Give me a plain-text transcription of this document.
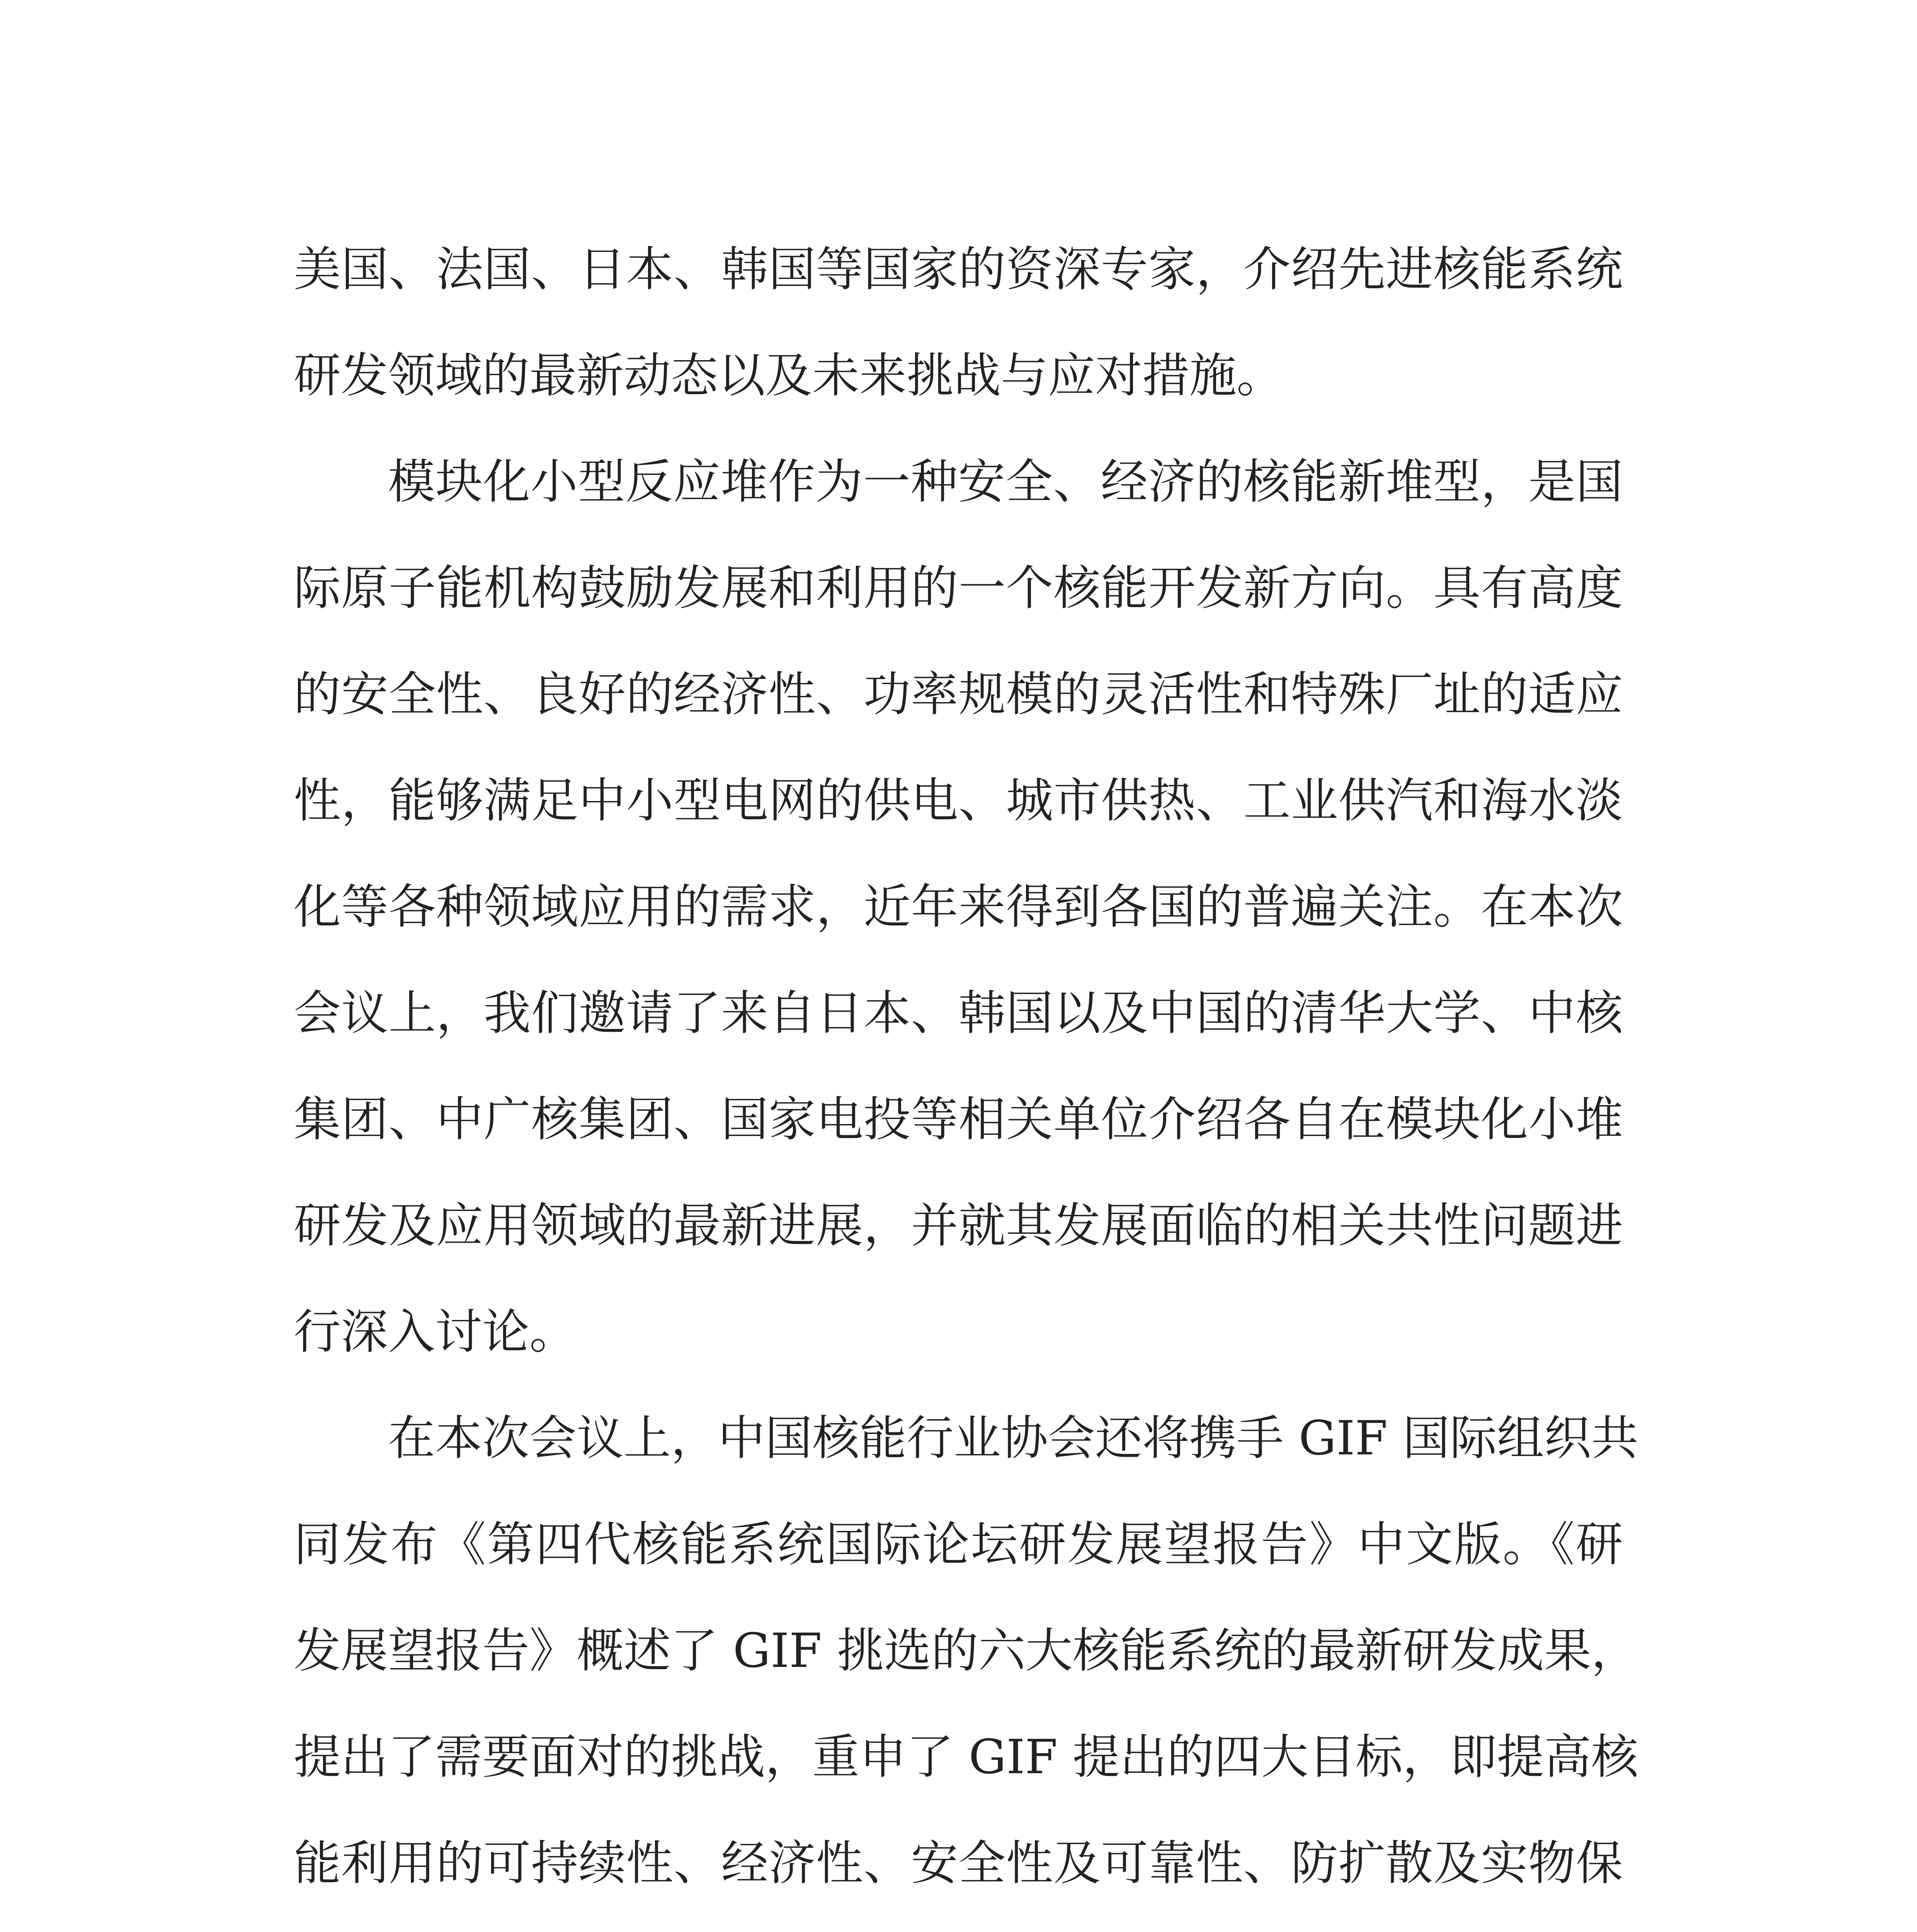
美国、法国、日本、韩国等国家的资深专家，介绍先进核能系统
研发领域的最新动态以及未来挑战与应对措施。
模块化小型反应堆作为一种安全、经济的核能新堆型，是国
际原子能机构鼓励发展和利用的一个核能开发新方向。具有高度
的安全性、良好的经济性、功率规模的灵活性和特殊厂址的适应
性，能够满足中小型电网的供电、城市供热、工业供汽和海水淡
化等各种领域应用的需求，近年来得到各国的普遍关注。在本次
会议上，我们邀请了来自日本、韩国以及中国的清华大学、中核
集团、中广核集团、国家电投等相关单位介绍各自在模块化小堆
研发及应用领域的最新进展，并就其发展面临的相关共性问题进
行深入讨论。
在本次会议上，中国核能行业协会还将携手 GIF 国际组织共
同发布《第四代核能系统国际论坛研发展望报告》中文版。《研
发展望报告》概述了 GIF 挑选的六大核能系统的最新研发成果，
提出了需要面对的挑战，重申了 GIF 提出的四大目标，即提高核
能利用的可持续性、经济性、安全性及可靠性、防扩散及实物保
